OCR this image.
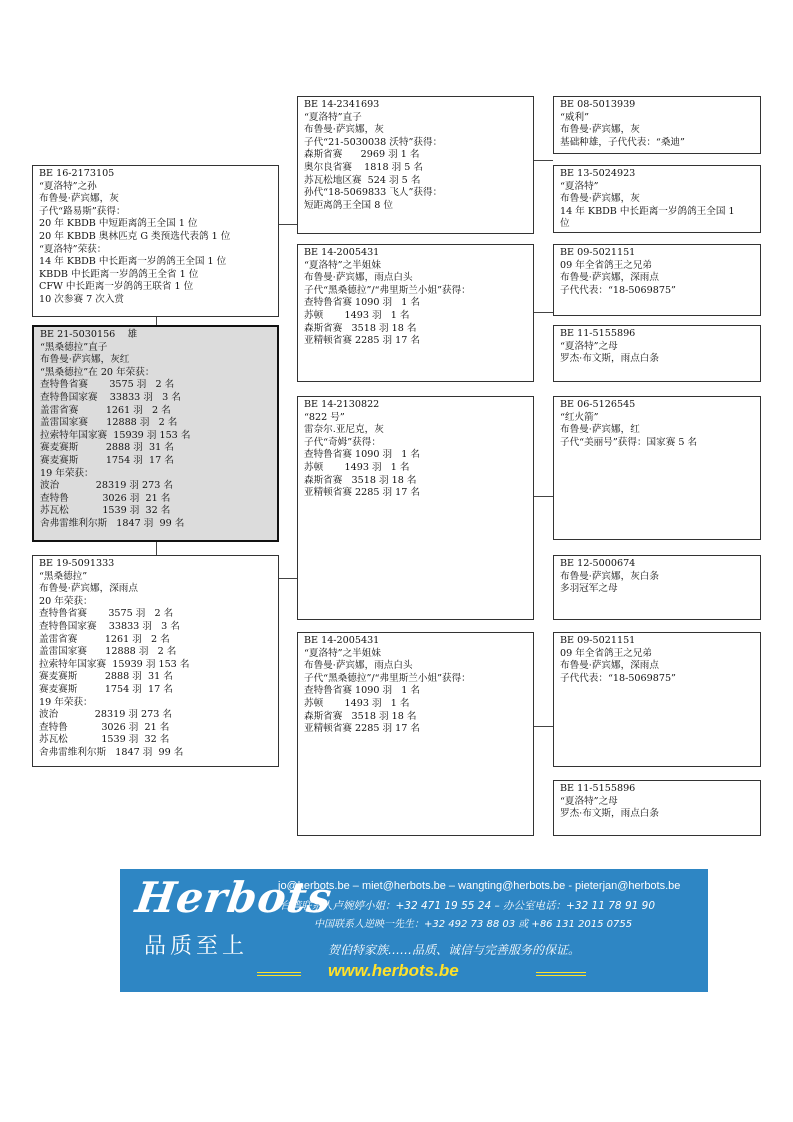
BE 16-2173105
“夏洛特”之孙
布鲁曼·萨宾娜，灰
子代“路易斯”获得：
20 年 KBDB 中短距离鸽王全国 1 位
20 年 KBDB 奥林匹克 G 类预选代表鸽 1 位
“夏洛特”荣获：
14 年 KBDB 中长距离一岁鸽鸽王全国 1 位
KBDB 中长距离一岁鸽鸽王全省 1 位
CFW 中长距离一岁鸽鸽王联省 1 位
10 次参赛 7 次入赏
BE 21-5030156    雄
“黑桑德拉”直子
布鲁曼·萨宾娜，灰红
“黑桑德拉”在 20 年荣获：
查特鲁省赛       3575 羽   2 名
查特鲁国家赛    33833 羽   3 名
盖雷省赛         1261 羽   2 名
盖雷国家赛      12888 羽   2 名
拉索特年国家赛  15939 羽 153 名
赛麦赛斯         2888 羽  31 名
赛麦赛斯         1754 羽  17 名
19 年荣获：
波治            28319 羽 273 名
查特鲁           3026 羽  21 名
苏瓦松           1539 羽  32 名
舍弗雷维利尔斯   1847 羽  99 名
BE 19-5091333
“黑桑德拉”
布鲁曼·萨宾娜，深雨点
20 年荣获：
查特鲁省赛       3575 羽   2 名
查特鲁国家赛    33833 羽   3 名
盖雷省赛         1261 羽   2 名
盖雷国家赛      12888 羽   2 名
拉索特年国家赛  15939 羽 153 名
赛麦赛斯         2888 羽  31 名
赛麦赛斯         1754 羽  17 名
19 年荣获：
波治            28319 羽 273 名
查特鲁           3026 羽  21 名
苏瓦松           1539 羽  32 名
舍弗雷维利尔斯   1847 羽  99 名
BE 14-2341693
“夏洛特”直子
布鲁曼·萨宾娜，灰
子代“21-5030038 沃特”获得：
森斯省赛      2969 羽 1 名
奥尔良省赛    1818 羽 5 名
苏瓦松地区赛  524 羽 5 名
孙代“18-5069833 飞人”获得：
短距离鸽王全国 8 位
BE 14-2005431
“夏洛特”之半姐妹
布鲁曼·萨宾娜，雨点白头
子代“黑桑德拉”/“弗里斯兰小姐”获得：
查特鲁省赛 1090 羽   1 名
苏顿       1493 羽   1 名
森斯省赛   3518 羽 18 名
亚精顿省赛 2285 羽 17 名
BE 14-2130822
“822 号”
雷奈尔.亚尼克，灰
子代“奇姆”获得：
查特鲁省赛 1090 羽   1 名
苏顿       1493 羽   1 名
森斯省赛   3518 羽 18 名
亚精顿省赛 2285 羽 17 名
BE 14-2005431
“夏洛特”之半姐妹
布鲁曼·萨宾娜，雨点白头
子代“黑桑德拉”/“弗里斯兰小姐”获得：
查特鲁省赛 1090 羽   1 名
苏顿       1493 羽   1 名
森斯省赛   3518 羽 18 名
亚精顿省赛 2285 羽 17 名
BE 08-5013939
“威利”
布鲁曼·萨宾娜，灰
基础种雄，子代代表：“桑迪”
BE 13-5024923
“夏洛特”
布鲁曼·萨宾娜，灰
14 年 KBDB 中长距离一岁鸽鸽王全国 1
位
BE 09-5021151
09 年全省鸽王之兄弟
布鲁曼·萨宾娜，深雨点
子代代表：“18-5069875”
BE 11-5155896
“夏洛特”之母
罗杰·布文斯，雨点白条
BE 06-5126545
“红火箭”
布鲁曼·萨宾娜，红
子代“美丽号”获得：国家赛 5 名
BE 12-5000674
布鲁曼·萨宾娜，灰白条
多羽冠军之母
BE 09-5021151
09 年全省鸽王之兄弟
布鲁曼·萨宾娜，深雨点
子代代表：“18-5069875”
BE 11-5155896
“夏洛特”之母
罗杰·布文斯，雨点白条
Herbots
品质至上
jo@herbots.be – miet@herbots.be – wangting@herbots.be - pieterjan@herbots.be
台湾联系人卢婉婷小姐：+32 471 19 55 24 – 办公室电话：+32 11 78 91 90
中国联系人逆映一先生：+32 492 73 88 03 或 +86 131 2015 0755
贺伯特家族……品质、诚信与完善服务的保证。
www.herbots.be
